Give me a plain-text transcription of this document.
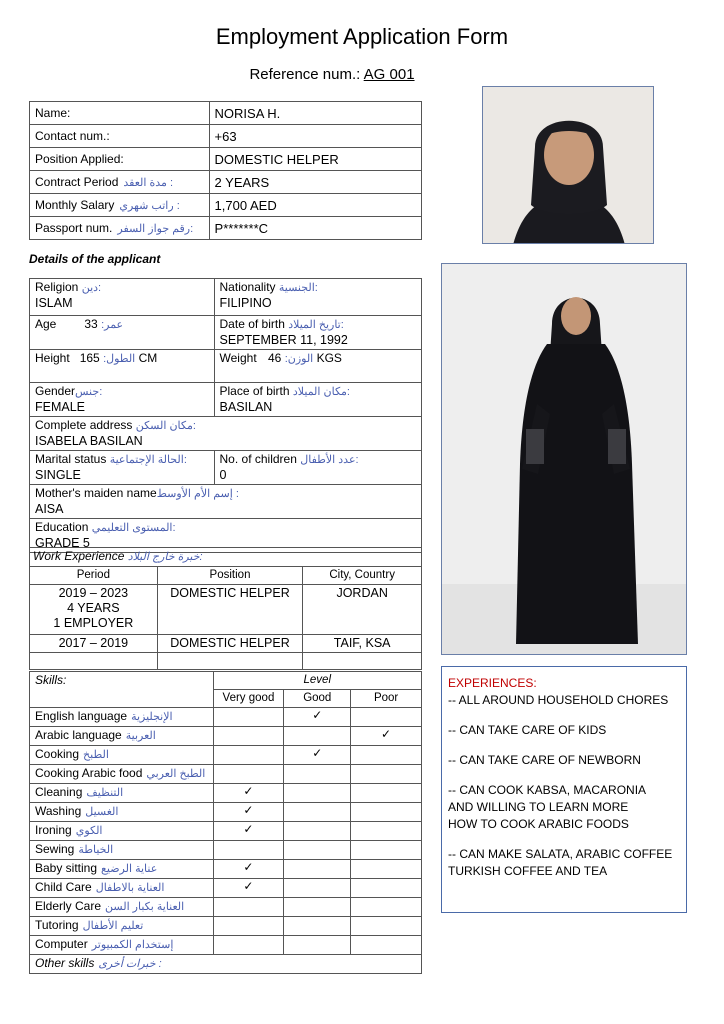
Employment Application Form
Reference num.: AG 001
Name:	NORISA H.
Contact num.:	+63
Position Applied:	DOMESTIC HELPER
Contract Period مدة العقد :	2 YEARS
Monthly Salary راتب شهري :	1,700 AED
Passport num. رقم جواز السفر:	P*******C
Details of the applicant
Religion دين:
ISLAM	Nationality الجنسية:
FILIPINO

Age عمر: 33	Date of birth تاريخ الميلاد:
SEPTEMBER 11, 1992

Height الطول: 165 CM	Weight الوزن: 46 KGS
Genderجنس:
FEMALE	Place of birth مكان الميلاد:
BASILAN

Complete address مكان السكن:
ISABELA BASILAN	

Marital status الحالة الإجتماعية:
SINGLE	No. of children عدد الأطفال:
0

Mother's maiden nameإسم الأم الأوسط :
AISA	

Education المستوى التعليمي:
GRADE 5	
Work Experience خبرة خارج البلاد:		
Period	Position	City, Country

2019 – 2023
4 YEARS
1 EMPLOYER	DOMESTIC HELPER	JORDAN
2017 – 2019	DOMESTIC HELPER	TAIF, KSA

Skills:	Level		
	Very good	Good	Poor
English language الإنجليزية		✓	
Arabic language العربية			✓
Cooking الطبخ		✓	
Cooking Arabic food الطبخ العربي			
Cleaning التنظيف	✓		
Washing الغسيل	✓		
Ironing الكوي	✓		
Sewing الخياطة			
Baby sitting عناية الرضيع	✓		
Child Care العناية بالاطفال	✓		
Elderly Care العناية بكبار السن			
Tutoring تعليم الأطفال			
Computer إستخدام الكمبيوتر			
Other skills خبرات أخرى :			
EXPERIENCES:
-- ALL AROUND HOUSEHOLD CHORES
-- CAN TAKE CARE OF KIDS
-- CAN TAKE CARE OF NEWBORN
-- CAN COOK KABSA, MACARONIA
AND WILLING TO LEARN MORE
HOW TO COOK ARABIC FOODS
-- CAN MAKE SALATA, ARABIC COFFEE
TURKISH COFFEE AND TEA
